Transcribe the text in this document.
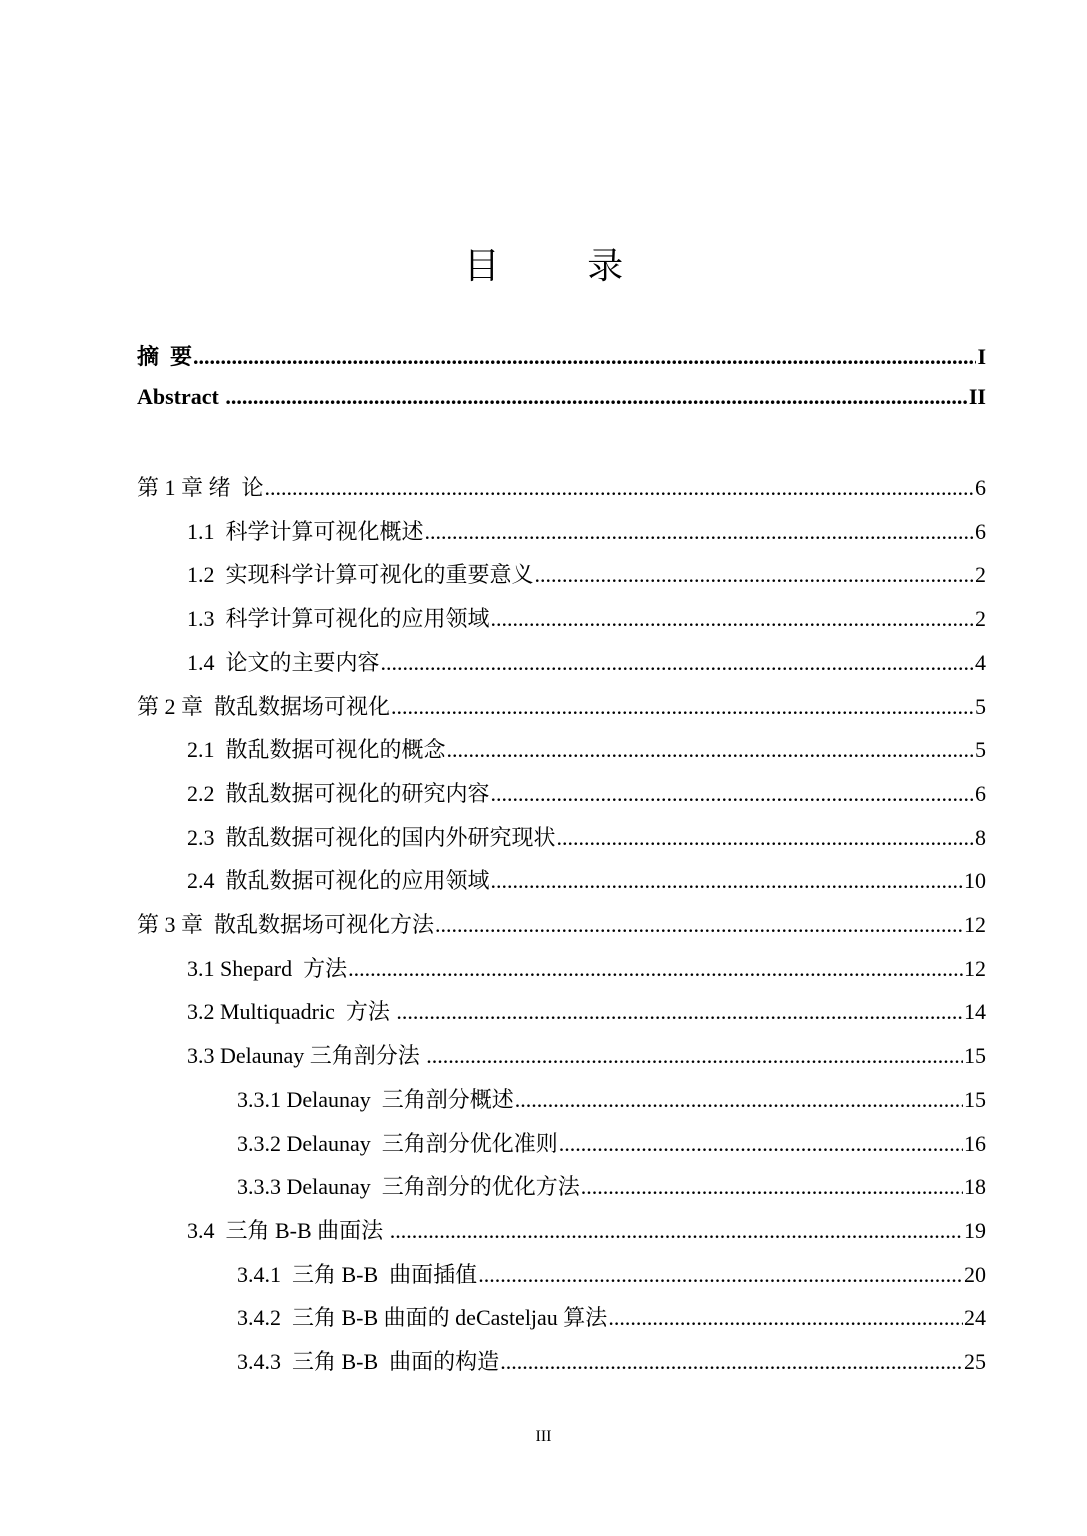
目 录
摘  要 .....	I
Abstract .....	II
第 1 章 绪  论 .....	6
1.1  科学计算可视化概述 .....	6
1.2  实现科学计算可视化的重要意义 .....	2
1.3  科学计算可视化的应用领域 .....	2
1.4  论文的主要内容 .....	4
第 2 章  散乱数据场可视化 .....	5
2.1  散乱数据可视化的概念 .....	5
2.2  散乱数据可视化的研究内容 .....	6
2.3  散乱数据可视化的国内外研究现状 .....	8
2.4  散乱数据可视化的应用领域 .....	10
第 3 章  散乱数据场可视化方法 .....	12
3.1 Shepard  方法 .....	12
3.2 Multiquadric  方法 .....	14
3.3 Delaunay 三角剖分法 .....	15
3.3.1 Delaunay  三角剖分概述 .....	15
3.3.2 Delaunay  三角剖分优化准则 .....	16
3.3.3 Delaunay  三角剖分的优化方法 .....	18
3.4  三角 B-B 曲面法 .....	19
3.4.1  三角 B-B  曲面插值 .....	20
3.4.2  三角 B-B 曲面的 deCasteljau 算法 .....	24
3.4.3  三角 B-B  曲面的构造 .....	25
III
